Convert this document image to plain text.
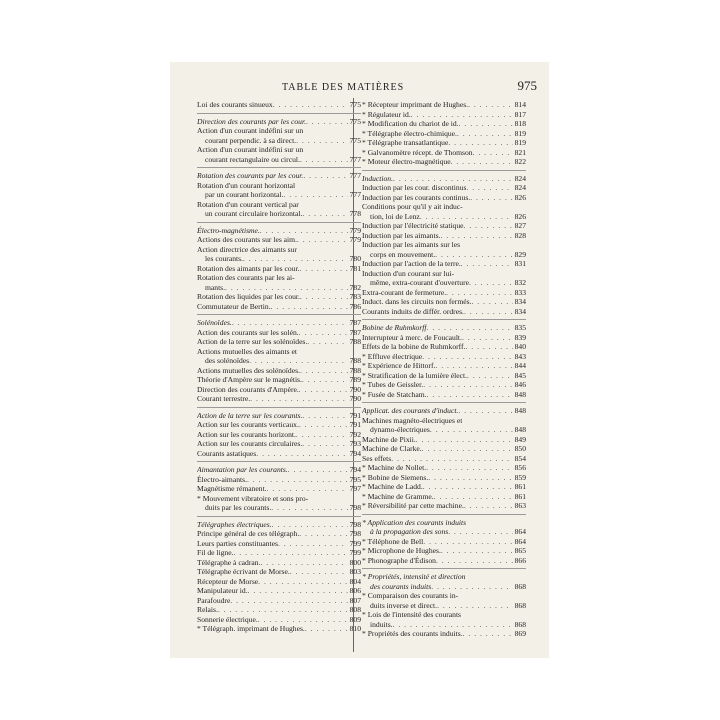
TABLE DES MATIÈRES	975
Loi des courants sinueux . . .	775
Direction des courants par les cour. . . .	775
Action d'un courant indéfini sur un
courant perpendic. à sa direct. . . .	775
Action d'un courant indéfini sur un
courant rectangulaire ou circul. . . .	777
Rotation des courants par les cour. . . .	777
Rotation d'un courant horizontal
par un courant horizontal. . . .	777
Rotation d'un courant vertical par
un courant circulaire horizontal. . . .	778
Électro-magnétisme. . . .	779
Actions des courants sur les aim. . . .	779
Action directrice des aimants sur
les courants. . . .	780
Rotation des aimants par les cour. . . .	781
Rotation des courants par les ai-
mants. . . .	782
Rotation des liquides par les cour. . . .	783
Commutateur de Bertin. . . .	786
Solénoïdes. . . .	787
Action des courants sur les solén. . . .	787
Action de la terre sur les solénoïdes. . . .	788
Actions mutuelles des aimants et
des solénoïdes . . .	788
Actions mutuelles des solénoïdes. . . .	788
Théorie d'Ampère sur le magnétis. . . .	789
Direction des courants d'Ampère. . . .	790
Courant terrestre. . . .	790
Action de la terre sur les courants. . . .	791
Action sur les courants verticaux. . . .	791
Action sur les courants horizont. . . .	792
Action sur les courants circulaires. . . .	793
Courants astatiques . . .	794
Aimantation par les courants. . . .	794
Électro-aimants. . . .	795
Magnétisme rémanent. . . .	797
* Mouvement vibratoire et sons pro-
duits par les courants. . . .	798
Télégraphes électriques. . . .	798
Principe général de ces télégraph. . . .	798
Leurs parties constituantes . . .	799
Fil de ligne. . . .	799
Télégraphe à cadran. . . .	800
Télégraphe écrivant de Morse. . . .	803
Récepteur de Morse . . .	804
Manipulateur id. . . .	806
Parafoudre . . .	807
Relais. . . .	808
Sonnerie électrique. . . .	809
* Télégraph. imprimant de Hughes. . . .	810
* Récepteur imprimant de Hughes. . . .	814
* Régulateur id. . . .	817
* Modification du chariot de id. . . .	818
* Télégraphe électro-chimique. . . .	819
* Télégraphe transatlantique . . .	819
* Galvanomètre récept. de Thomson . . .	821
* Moteur électro-magnétique . . .	822
Induction. . . .	824
Induction par les cour. discontinus . . .	824
Induction par les courants continus. . . .	826
Conditions pour qu'il y ait induc-
tion, loi de Lenz . . .	826
Induction par l'électricité statique . . .	827
Induction par les aimants. . . .	828
Induction par les aimants sur les
corps en mouvement. . . .	829
Induction par l'action de la terre. . . .	831
Induction d'un courant sur lui-
même, extra-courant d'ouverture . . .	832
Extra-courant de fermeture. . . .	833
Induct. dans les circuits non fermés. . . .	834
Courants induits de différ. ordres. . . .	834
Bobine de Ruhmkorff . . .	835
Interrupteur à merc. de Foucault. . . .	839
Effets de la bobine de Ruhmkorff. . . .	840
* Effluve électrique . . .	843
* Expérience de Hittorf. . . .	844
* Stratification de la lumière élect. . . .	845
* Tubes de Geissler. . . .	846
* Fusée de Statcham. . . .	848
Applicat. des courants d'induct. . . .	848
Machines magnéto-électriques et
dynamo-électriques . . .	848
Machine de Pixii. . . .	849
Machine de Clarke. . . .	850
Ses effets . . .	854
* Machine de Nollet. . . .	856
* Bobine de Siemens. . . .	859
* Machine de Ladd. . . .	861
* Machine de Gramme. . . .	861
* Réversibilité par cette machine. . . .	863
* Application des courants induits
à la propagation des sons . . .	864
* Téléphone de Bell . . .	864
* Microphone de Hughes. . . .	865
* Phonographe d'Édison . . .	866
* Propriétés, intensité et direction
des courants induits . . .	868
* Comparaison des courants in-
duits inverse et direct. . . .	868
* Lois de l'intensité des courants
induits. . . .	868
* Propriétés des courants induits. . . .	869
